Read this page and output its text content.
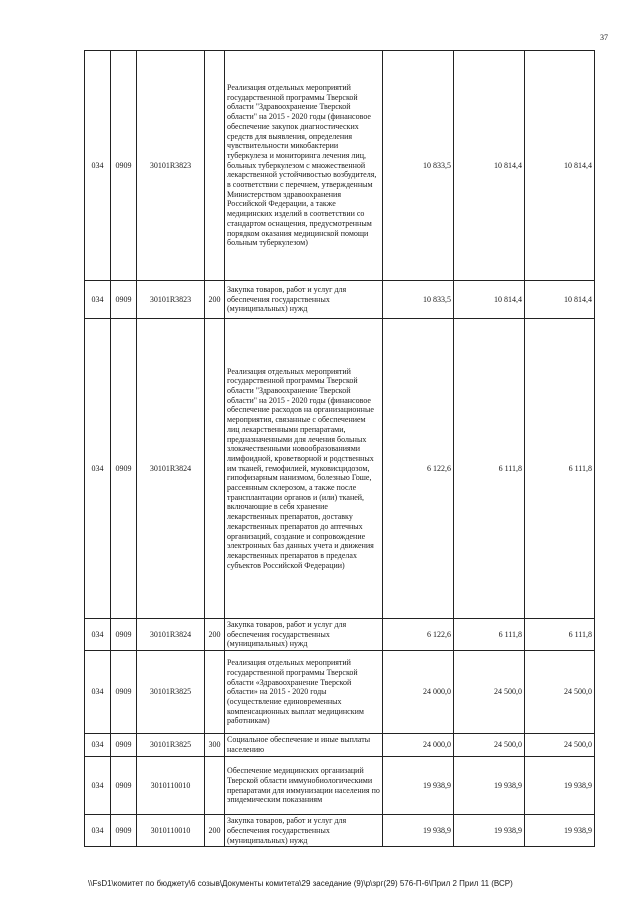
37
034	0909	30101R3823		Реализация отдельных мероприятий государственной программы Тверской области "Здравоохранение Тверской области" на 2015 - 2020 годы (финансовое обеспечение закупок диагностических средств для выявления, определения чувствительности микобактерии туберкулеза и мониторинга лечения лиц, больных туберкулезом с множественной лекарственной устойчивостью возбудителя, в соответствии с перечнем, утвержденным Министерством здравоохранения Российской Федерации, а также медицинских изделий в соответствии со стандартом оснащения, предусмотренным порядком оказания медицинской помощи больным туберкулезом)	10 833,5	10 814,4	10 814,4
034	0909	30101R3823	200	Закупка товаров, работ и услуг для обеспечения государственных (муниципальных) нужд	10 833,5	10 814,4	10 814,4
034	0909	30101R3824		Реализация отдельных мероприятий государственной программы Тверской области "Здравоохранение Тверской области" на 2015 - 2020 годы (финансовое обеспечение расходов на организационные мероприятия, связанные с обеспечением лиц лекарственными препаратами, предназначенными для лечения больных злокачественными новообразованиями лимфоидной, кроветворной и родственных им тканей, гемофилией, муковисцидозом, гипофизарным нанизмом, болезнью Гоше, рассеянным склерозом, а также после трансплантации органов и (или) тканей, включающие в себя хранение лекарственных препаратов, доставку лекарственных препаратов до аптечных организаций, создание и сопровождение электронных баз данных учета и движения лекарственных препаратов в пределах субъектов Российской Федерации)	6 122,6	6 111,8	6 111,8
034	0909	30101R3824	200	Закупка товаров, работ и услуг для обеспечения государственных (муниципальных) нужд	6 122,6	6 111,8	6 111,8
034	0909	30101R3825		Реализация отдельных мероприятий государственной программы Тверской области «Здравоохранение Тверской области» на 2015 - 2020 годы (осуществление единовременных компенсационных выплат медицинским работникам)	24 000,0	24 500,0	24 500,0
034	0909	30101R3825	300	Социальное обеспечение и иные выплаты населению	24 000,0	24 500,0	24 500,0
034	0909	3010110010		Обеспечение медицинских организаций Тверской области иммунобиологическими препаратами для иммунизации населения по эпидемическим показаниям	19 938,9	19 938,9	19 938,9
034	0909	3010110010	200	Закупка товаров, работ и услуг для обеспечения государственных (муниципальных) нужд	19 938,9	19 938,9	19 938,9
\\FsD1\комитет по бюджету\6 созыв\Документы комитета\29 заседание (9)\р\зрг(29) 576-П-6\Прил 2 Прил 11 (ВСР)
